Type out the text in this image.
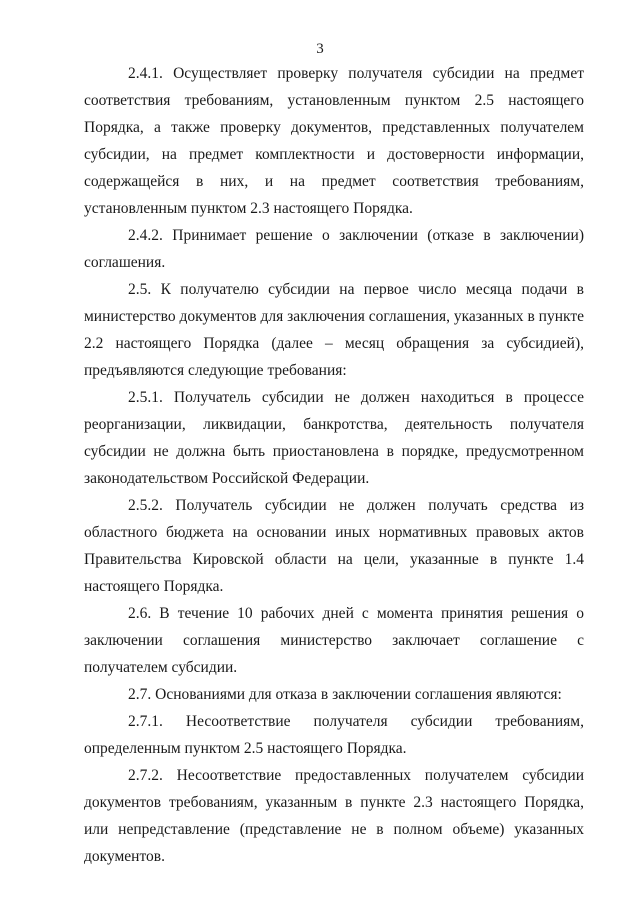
3

2.4.1. Осуществляет проверку получателя субсидии на предмет соответствия требованиям, установленным пунктом 2.5 настоящего Порядка, а также проверку документов, представленных получателем субсидии, на предмет комплектности и достоверности информации, содержащейся в них, и на предмет соответствия требованиям, установленным пунктом 2.3 настоящего Порядка.

2.4.2. Принимает решение о заключении (отказе в заключении) соглашения.

2.5. К получателю субсидии на первое число месяца подачи в министерство документов для заключения соглашения, указанных в пункте 2.2 настоящего Порядка (далее – месяц обращения за субсидией), предъявляются следующие требования:

2.5.1. Получатель субсидии не должен находиться в процессе реорганизации, ликвидации, банкротства, деятельность получателя субсидии не должна быть приостановлена в порядке, предусмотренном законодательством Российской Федерации.

2.5.2. Получатель субсидии не должен получать средства из областного бюджета на основании иных нормативных правовых актов Правительства Кировской области на цели, указанные в пункте 1.4 настоящего Порядка.

2.6. В течение 10 рабочих дней с момента принятия решения о заключении соглашения министерство заключает соглашение с получателем субсидии.

2.7. Основаниями для отказа в заключении соглашения являются:

2.7.1. Несоответствие получателя субсидии требованиям, определенным пунктом 2.5 настоящего Порядка.

2.7.2. Несоответствие предоставленных получателем субсидии документов требованиям, указанным в пункте 2.3 настоящего Порядка, или непредставление (представление не в полном объеме) указанных документов.
